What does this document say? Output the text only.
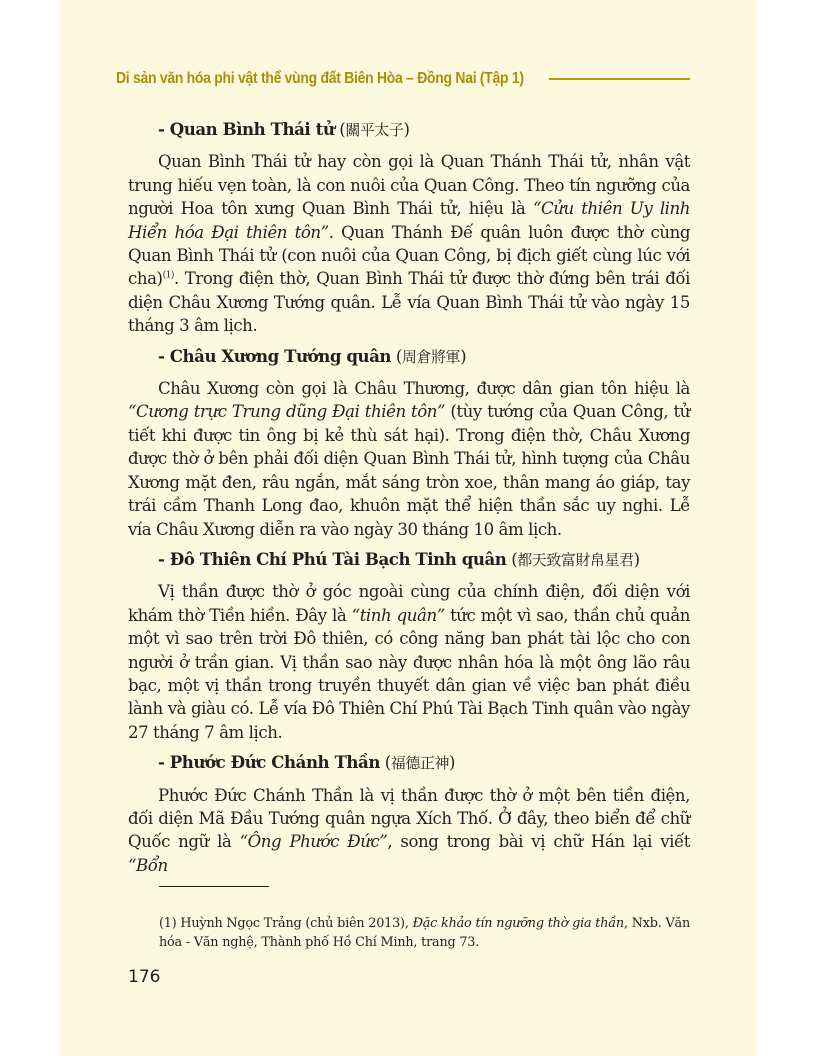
Di sản văn hóa phi vật thể vùng đất Biên Hòa – Đồng Nai (Tập 1)

- Quan Bình Thái tử (關平太子)

Quan Bình Thái tử hay còn gọi là Quan Thánh Thái tử, nhân vật trung hiếu vẹn toàn, là con nuôi của Quan Công. Theo tín ngưỡng của người Hoa tôn xưng Quan Bình Thái tử, hiệu là “Cửu thiên Uy linh Hiển hóa Đại thiên tôn”. Quan Thánh Đế quân luôn được thờ cùng Quan Bình Thái tử (con nuôi của Quan Công, bị địch giết cùng lúc với cha)$^{(1)}$. Trong điện thờ, Quan Bình Thái tử được thờ đứng bên trái đối diện Châu Xương Tướng quân. Lễ vía Quan Bình Thái tử vào ngày 15 tháng 3 âm lịch.

- Châu Xương Tướng quân (周倉將軍)

Châu Xương còn gọi là Châu Thương, được dân gian tôn hiệu là “Cương trực Trung dũng Đại thiên tôn” (tùy tướng của Quan Công, tử tiết khi được tin ông bị kẻ thù sát hại). Trong điện thờ, Châu Xương được thờ ở bên phải đối diện Quan Bình Thái tử, hình tượng của Châu Xương mặt đen, râu ngắn, mắt sáng tròn xoe, thân mang áo giáp, tay trái cầm Thanh Long đao, khuôn mặt thể hiện thần sắc uy nghi. Lễ vía Châu Xương diễn ra vào ngày 30 tháng 10 âm lịch.

- Đô Thiên Chí Phú Tài Bạch Tinh quân (都天致富財帛星君)

Vị thần được thờ ở góc ngoài cùng của chính điện, đối diện với khám thờ Tiền hiền. Đây là “tinh quân” tức một vì sao, thần chủ quản một vì sao trên trời Đô thiên, có công năng ban phát tài lộc cho con người ở trần gian. Vị thần sao này được nhân hóa là một ông lão râu bạc, một vị thần trong truyền thuyết dân gian về việc ban phát điều lành và giàu có. Lễ vía Đô Thiên Chí Phú Tài Bạch Tinh quân vào ngày 27 tháng 7 âm lịch.

- Phước Đức Chánh Thần (福德正神)

Phước Đức Chánh Thần là vị thần được thờ ở một bên tiền điện, đối diện Mã Đầu Tướng quân ngựa Xích Thố. Ở đây, theo biển để chữ Quốc ngữ là “Ông Phước Đức”, song trong bài vị chữ Hán lại viết “Bổn

(1) Huỳnh Ngọc Trảng (chủ biên 2013), Đặc khảo tín ngưỡng thờ gia thần, Nxb. Văn hóa - Văn nghệ, Thành phố Hồ Chí Minh, trang 73.

176
